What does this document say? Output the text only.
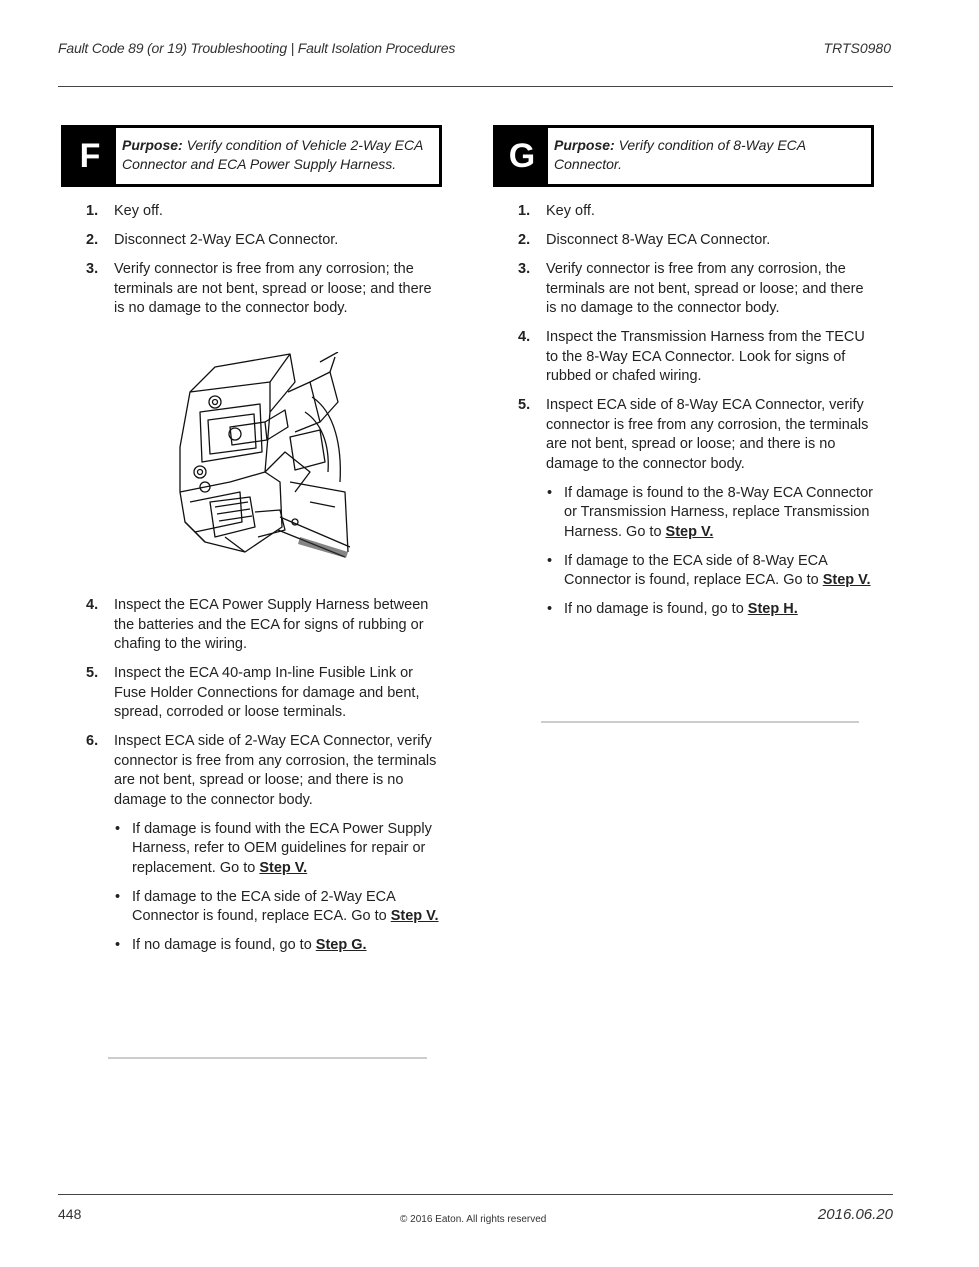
Fault Code 89 (or 19) Troubleshooting | Fault Isolation Procedures	TRTS0980
F	Purpose: Verify condition of Vehicle 2-Way ECA Connector and ECA Power Supply Harness.
1. Key off.
2. Disconnect 2-Way ECA Connector.
3. Verify connector is free from any corrosion; the terminals are not bent, spread or loose; and there is no damage to the connector body.
4. Inspect the ECA Power Supply Harness between the batteries and the ECA for signs of rubbing or chafing to the wiring.
5. Inspect the ECA 40-amp In-line Fusible Link or Fuse Holder Connections for damage and bent, spread, corroded or loose terminals.
6. Inspect ECA side of 2-Way ECA Connector, verify connector is free from any corrosion, the terminals are not bent, spread or loose; and there is no damage to the connector body.
• If damage is found with the ECA Power Supply Harness, refer to OEM guidelines for repair or replacement. Go to Step V.
• If damage to the ECA side of 2-Way ECA Connector is found, replace ECA. Go to Step V.
• If no damage is found, go to Step G.
G	Purpose: Verify condition of 8-Way ECA Connector.
1. Key off.
2. Disconnect 8-Way ECA Connector.
3. Verify connector is free from any corrosion, the terminals are not bent, spread or loose; and there is no damage to the connector body.
4. Inspect the Transmission Harness from the TECU to the 8-Way ECA Connector. Look for signs of rubbed or chafed wiring.
5. Inspect ECA side of 8-Way ECA Connector, verify connector is free from any corrosion, the terminals are not bent, spread or loose; and there is no damage to the connector body.
• If damage is found to the 8-Way ECA Connector or Transmission Harness, replace Transmission Harness. Go to Step V.
• If damage to the ECA side of 8-Way ECA Connector is found, replace ECA. Go to Step V.
• If no damage is found, go to Step H.
448	© 2016 Eaton. All rights reserved	2016.06.20
